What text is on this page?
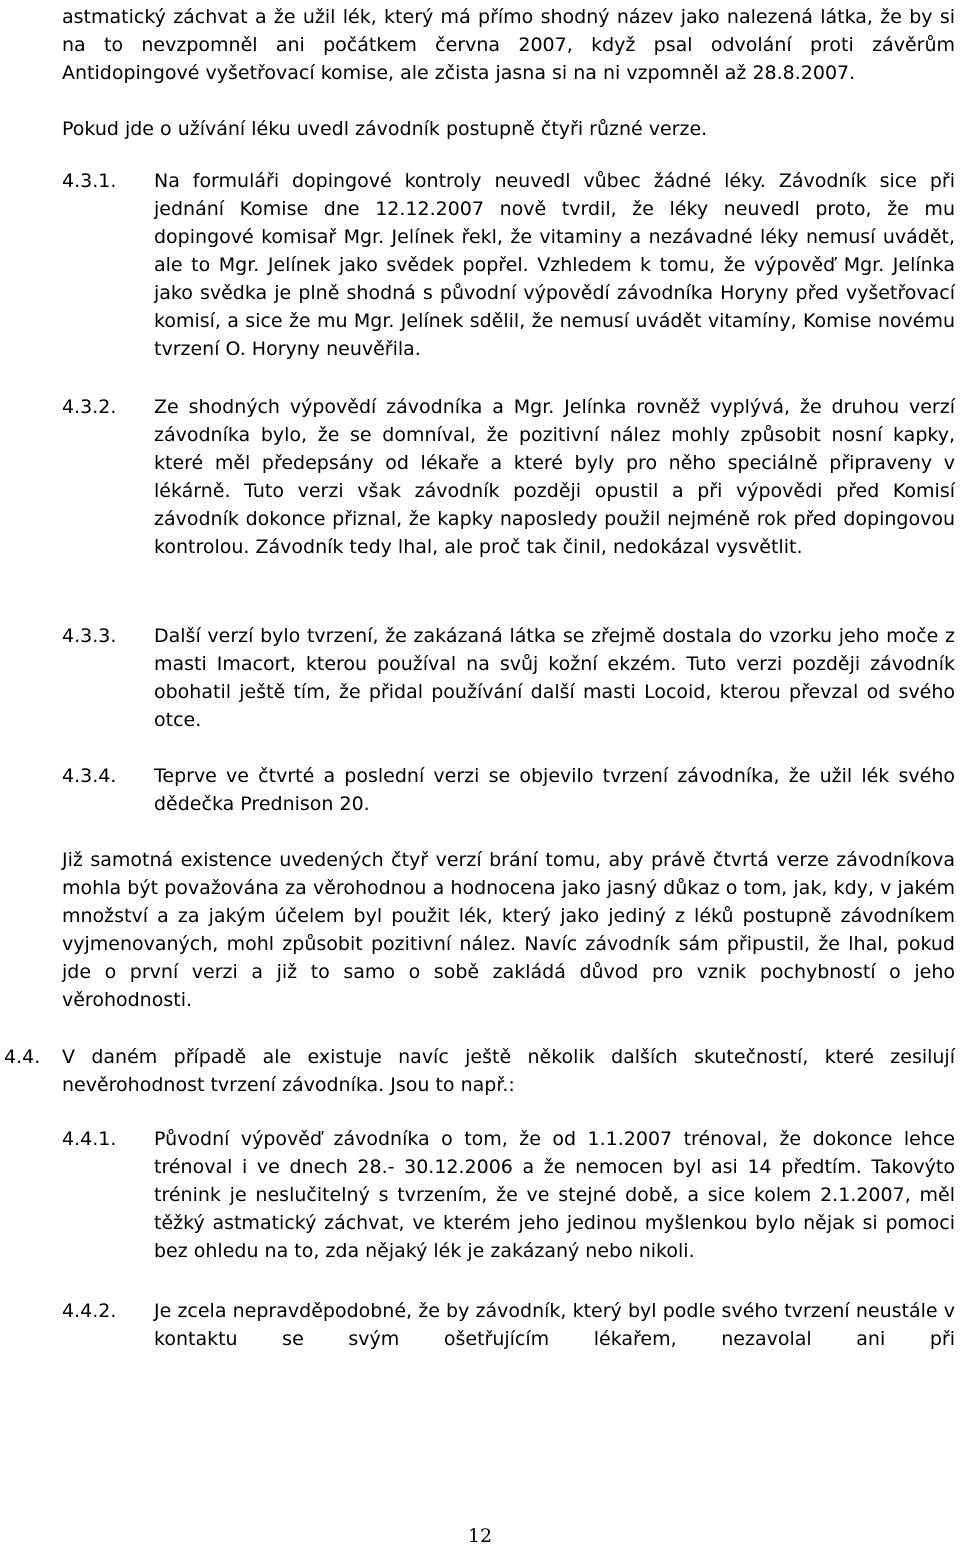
astmatický záchvat a že užil lék, který má přímo shodný název jako nalezená látka, že by si na to nevzpomněl ani počátkem června 2007, když psal odvolání proti závěrům Antidopingové vyšetřovací komise, ale zčista jasna si na ni vzpomněl až 28.8.2007.

Pokud jde o užívání léku uvedl závodník postupně čtyři různé verze.

4.3.1. Na formuláři dopingové kontroly neuvedl vůbec žádné léky. Závodník sice při jednání Komise dne 12.12.2007 nově tvrdil, že léky neuvedl proto, že mu dopingové komisař Mgr. Jelínek řekl, že vitaminy a nezávadné léky nemusí uvádět, ale to Mgr. Jelínek jako svědek popřel. Vzhledem k tomu, že výpověď Mgr. Jelínka jako svědka je plně shodná s původní výpovědí závodníka Horyny před vyšetřovací komisí, a sice že mu Mgr. Jelínek sdělil, že nemusí uvádět vitamíny, Komise novému tvrzení O. Horyny neuvěřila.

4.3.2. Ze shodných výpovědí závodníka a Mgr. Jelínka rovněž vyplývá, že druhou verzí závodníka bylo, že se domníval, že pozitivní nález mohly způsobit nosní kapky, které měl předepsány od lékaře a které byly pro něho speciálně připraveny v lékárně. Tuto verzi však závodník později opustil a při výpovědi před Komisí závodník dokonce přiznal, že kapky naposledy použil nejméně rok před dopingovou kontrolou. Závodník tedy lhal, ale proč tak činil, nedokázal vysvětlit.

4.3.3. Další verzí bylo tvrzení, že zakázaná látka se zřejmě dostala do vzorku jeho moče z masti Imacort, kterou používal na svůj kožní ekzém. Tuto verzi později závodník obohatil ještě tím, že přidal používání další masti Locoid, kterou převzal od svého otce.

4.3.4. Teprve ve čtvrté a poslední verzi se objevilo tvrzení závodníka, že užil lék svého dědečka Prednison 20.

Již samotná existence uvedených čtyř verzí brání tomu, aby právě čtvrtá verze závodníkova mohla být považována za věrohodnou a hodnocena jako jasný důkaz o tom, jak, kdy, v jakém množství a za jakým účelem byl použit lék, který jako jediný z léků postupně závodníkem vyjmenovaných, mohl způsobit pozitivní nález. Navíc závodník sám připustil, že lhal, pokud jde o první verzi a již to samo o sobě zakládá důvod pro vznik pochybností o jeho věrohodnosti.

4.4. V daném případě ale existuje navíc ještě několik dalších skutečností, které zesilují nevěrohodnost tvrzení závodníka. Jsou to např.:

4.4.1. Původní výpověď závodníka o tom, že od 1.1.2007 trénoval, že dokonce lehce trénoval i ve dnech 28.- 30.12.2006 a že nemocen byl asi 14 předtím. Takovýto trénink je neslučitelný s tvrzením, že ve stejné době, a sice kolem 2.1.2007, měl těžký astmatický záchvat, ve kterém jeho jedinou myšlenkou bylo nějak si pomoci bez ohledu na to, zda nějaký lék je zakázaný nebo nikoli.

4.4.2. Je zcela nepravděpodobné, že by závodník, který byl podle svého tvrzení neustále v kontaktu se svým ošetřujícím lékařem, nezavolal ani při

12
